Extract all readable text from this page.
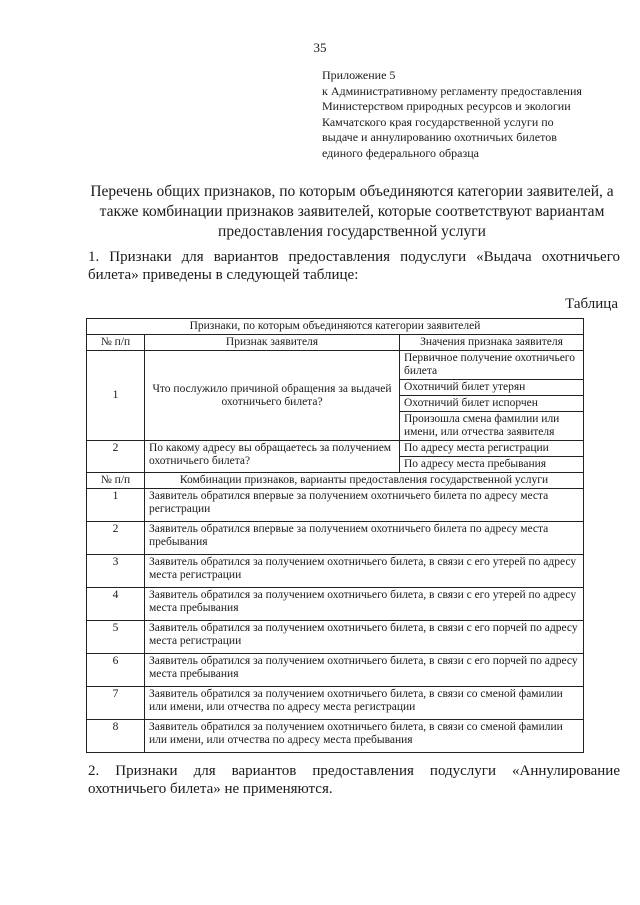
35
Приложение 5
к Административному регламенту предоставления
Министерством природных ресурсов и экологии
Камчатского края государственной услуги по
выдаче и аннулированию охотничьих билетов
единого федерального образца
Перечень общих признаков, по которым объединяются категории заявителей, а также комбинации признаков заявителей, которые соответствуют вариантам предоставления государственной услуги
1. Признаки для вариантов предоставления подуслуги «Выдача охотничьего билета» приведены в следующей таблице:
Таблица
Признаки, по которым объединяются категории заявителей		
№ п/п	Признак заявителя	Значения признака заявителя
1	Что послужило причиной обращения за выдачей охотничьего билета?	Первичное получение охотничьего билета
		Охотничий билет утерян
		Охотничий билет испорчен
		Произошла смена фамилии или имени, или отчества заявителя
2	По какому адресу вы обращаетесь за получением охотничьего билета?	По адресу места регистрации
		По адресу места пребывания
№ п/п	Комбинации признаков, варианты предоставления государственной услуги	
1	Заявитель обратился впервые за получением охотничьего билета по адресу места регистрации	
2	Заявитель обратился впервые за получением охотничьего билета по адресу места пребывания	
3	Заявитель обратился за получением охотничьего билета, в связи с его утерей по адресу места регистрации	
4	Заявитель обратился за получением охотничьего билета, в связи с его утерей по адресу места пребывания	
5	Заявитель обратился за получением охотничьего билета, в связи с его порчей по адресу места регистрации	
6	Заявитель обратился за получением охотничьего билета, в связи с его порчей по адресу места пребывания	
7	Заявитель обратился за получением охотничьего билета, в связи со сменой фамилии или имени, или отчества по адресу места регистрации	
8	Заявитель обратился за получением охотничьего билета, в связи со сменой фамилии или имени, или отчества по адресу места пребывания	
2. Признаки для вариантов предоставления подуслуги «Аннулирование охотничьего билета» не применяются.
